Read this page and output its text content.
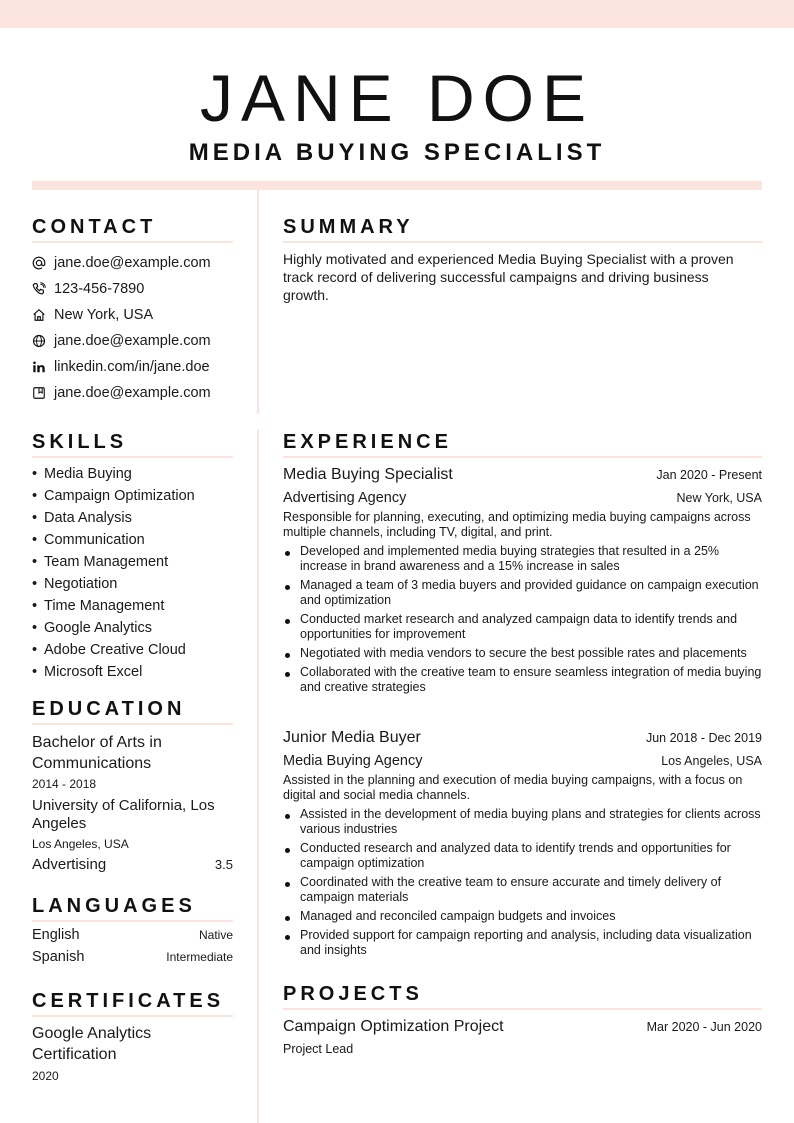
JANE DOE
MEDIA BUYING SPECIALIST
CONTACT
jane.doe@example.com
123-456-7890
New York, USA
jane.doe@example.com
linkedin.com/in/jane.doe
jane.doe@example.com
SUMMARY
Highly motivated and experienced Media Buying Specialist with a proven track record of delivering successful campaigns and driving business growth.
SKILLS
• Media Buying
• Campaign Optimization
• Data Analysis
• Communication
• Team Management
• Negotiation
• Time Management
• Google Analytics
• Adobe Creative Cloud
• Microsoft Excel
EDUCATION
Bachelor of Arts in Communications
2014 - 2018
University of California, Los Angeles
Los Angeles, USA
Advertising	3.5
LANGUAGES
English	Native
Spanish	Intermediate
CERTIFICATES
Google Analytics Certification
2020
EXPERIENCE
Media Buying Specialist	Jan 2020 - Present
Advertising Agency	New York, USA
Responsible for planning, executing, and optimizing media buying campaigns across multiple channels, including TV, digital, and print.
Developed and implemented media buying strategies that resulted in a 25% increase in brand awareness and a 15% increase in sales
Managed a team of 3 media buyers and provided guidance on campaign execution and optimization
Conducted market research and analyzed campaign data to identify trends and opportunities for improvement
Negotiated with media vendors to secure the best possible rates and placements
Collaborated with the creative team to ensure seamless integration of media buying and creative strategies
Junior Media Buyer	Jun 2018 - Dec 2019
Media Buying Agency	Los Angeles, USA
Assisted in the planning and execution of media buying campaigns, with a focus on digital and social media channels.
Assisted in the development of media buying plans and strategies for clients across various industries
Conducted research and analyzed data to identify trends and opportunities for campaign optimization
Coordinated with the creative team to ensure accurate and timely delivery of campaign materials
Managed and reconciled campaign budgets and invoices
Provided support for campaign reporting and analysis, including data visualization and insights
PROJECTS
Campaign Optimization Project	Mar 2020 - Jun 2020
Project Lead
